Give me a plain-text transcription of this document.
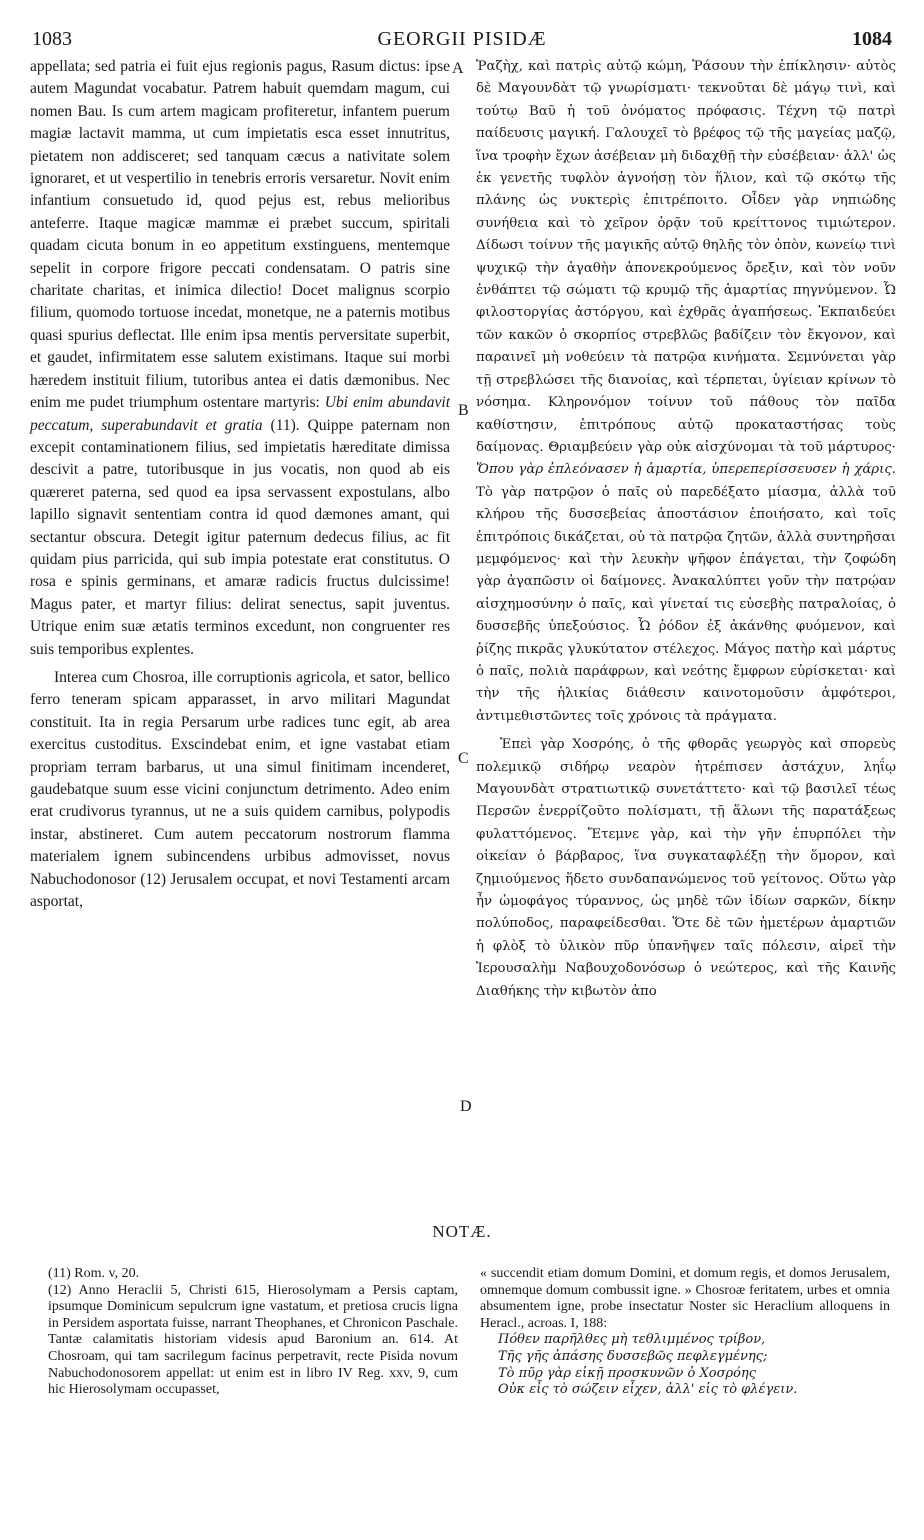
1083	GEORGII PISIDÆ	1084

appellata; sed patria ei fuit ejus regionis pagus, Rasum dictus: ipse autem Magundat vocabatur. Patrem habuit quemdam magum, cui nomen Bau. Is cum artem magicam profiteretur, infantem puerum magiæ lactavit mamma, ut cum impietatis esca esset innutritus, pietatem non addisceret; sed tanquam cæcus a nativitate solem ignoraret, et ut vespertilio in tenebris erroris versaretur. Novit enim infantium consuetudo id, quod pejus est, rebus melioribus anteferre. Itaque magicæ mammæ ei præbet succum, spiritali quadam cicuta bonum in eo appetitum exstinguens, mentemque sepelit in corpore frigore peccati condensatam. O patris sine charitate charitas, et inimica dilectio! Docet malignus scorpio filium, quomodo tortuose incedat, monetque, ne a paternis motibus quasi spurius deflectat. Ille enim ipsa mentis perversitate superbit, et gaudet, infirmitatem esse salutem existimans. Itaque sui morbi hæredem instituit filium, tutoribus antea ei datis dæmonibus. Nec enim me pudet triumphum ostentare martyris: Ubi enim abundavit peccatum, superabundavit et gratia (11). Quippe paternam non excepit contaminationem filius, sed impietatis hæreditate dimissa descivit a patre, tutoribusque in jus vocatis, non quod ab eis quæreret paterna, sed quod ea ipsa servassent expostulans, albo lapillo signavit sententiam contra id quod dæmones amant, qui sectantur obscura. Detegit igitur paternum dedecus filius, ac fit quidam pius parricida, qui sub impia potestate erat constitutus. O rosa e spinis germinans, et amaræ radicis fructus dulcissime! Magus pater, et martyr filius: delirat senectus, sapit juventus. Utrique enim suæ ætatis terminos excedunt, non congruenter res suis temporibus explentes.

Interea cum Chosroa, ille corruptionis agricola, et sator, bellico ferro teneram spicam apparasset, in arvo militari Magundat constituit. Ita in regia Persarum urbe radices tunc egit, ab area exercitus custoditus. Exscindebat enim, et igne vastabat etiam propriam terram barbarus, ut una simul finitimam incenderet, gaudebatque suum esse vicini conjunctum detrimento. Adeo enim erat crudivorus tyrannus, ut ne a suis quidem carnibus, polypodis instar, abstineret. Cum autem peccatorum nostrorum flamma materialem ignem subincendens urbibus admovisset, novus Nabuchodonosor (12) Jerusalem occupat, et novi Testamenti arcam asportat,

Ῥαζὴχ, καὶ πατρὶς αὐτῷ κώμη, Ῥάσουν τὴν ἐπίκλησιν· αὐτὸς δὲ Μαγουνδὰτ τῷ γνωρίσματι· τεκνοῦται δὲ μάγῳ τινὶ, καὶ τούτῳ Βαῦ ἡ τοῦ ὀνόματος πρόφασις. Τέχνη τῷ πατρὶ παίδευσις μαγική. Γαλουχεῖ τὸ βρέφος τῷ τῆς μαγείας μαζῷ, ἵνα τροφὴν ἔχων ἀσέβειαν μὴ διδαχθῇ τὴν εὐσέβειαν· ἀλλ' ὡς ἐκ γενετῆς τυφλὸν ἀγνοήσῃ τὸν ἥλιον, καὶ τῷ σκότῳ τῆς πλάνης ὡς νυκτερὶς ἐπιτρέποιτο. Οἶδεν γὰρ νηπιώδης συνήθεια καὶ τὸ χεῖρον ὁρᾷν τοῦ κρείττονος τιμιώτερον. Δίδωσι τοίνυν τῆς μαγικῆς αὐτῷ θηλῆς τὸν ὀπὸν, κωνείῳ τινὶ ψυχικῷ τὴν ἀγαθὴν ἀπονεκρούμενος ὄρεξιν, καὶ τὸν νοῦν ἐνθάπτει τῷ σώματι τῷ κρυμῷ τῆς ἁμαρτίας πηγνύμενον. Ὦ φιλοστοργίας ἀστόργου, καὶ ἐχθρᾶς ἀγαπήσεως. Ἐκπαιδεύει τῶν κακῶν ὁ σκορπίος στρεβλῶς βαδίζειν τὸν ἔκγονον, καὶ παραινεῖ μὴ νοθεύειν τὰ πατρῷα κινήματα. Σεμνύνεται γὰρ τῇ στρεβλώσει τῆς διανοίας, καὶ τέρπεται, ὑγίειαν κρίνων τὸ νόσημα. Κληρονόμον τοίνυν τοῦ πάθους τὸν παῖδα καθίστησιν, ἐπιτρόπους αὐτῷ προκαταστήσας τοὺς δαίμονας. Θριαμβεύειν γὰρ οὐκ αἰσχύνομαι τὰ τοῦ μάρτυρος· Ὅπου γὰρ ἐπλεόνασεν ἡ ἁμαρτία, ὑπερεπερίσσευσεν ἡ χάρις. Τὸ γὰρ πατρῷον ὁ παῖς οὐ παρεδέξατο μίασμα, ἀλλὰ τοῦ κλήρου τῆς δυσσεβείας ἀποστάσιον ἐποιήσατο, καὶ τοῖς ἐπιτρόποις δικάζεται, οὐ τὰ πατρῷα ζητῶν, ἀλλὰ συντηρῆσαι μεμφόμενος· καὶ τὴν λευκὴν ψῆφον ἐπάγεται, τὴν ζοφώδη γὰρ ἀγαπῶσιν οἱ δαίμονες. Ἀνακαλύπτει γοῦν τὴν πατρῴαν αἰσχημοσύνην ὁ παῖς, καὶ γίνεταί τις εὐσεβὴς πατραλοίας, ὁ δυσσεβῆς ὑπεξούσιος. Ὦ ῥόδον ἐξ ἀκάνθης φυόμενον, καὶ ῥίζης πικρᾶς γλυκύτατον στέλεχος. Μάγος πατὴρ καὶ μάρτυς ὁ παῖς, πολιὰ παράφρων, καὶ νεότης ἔμφρων εὑρίσκεται· καὶ τὴν τῆς ἡλικίας διάθεσιν καινοτομοῦσιν ἀμφότεροι, ἀντιμεθιστῶντες τοῖς χρόνοις τὰ πράγματα.

Ἐπεὶ γὰρ Χοσρόης, ὁ τῆς φθορᾶς γεωργὸς καὶ σπορεὺς πολεμικῷ σιδήρῳ νεαρὸν ἡτρέπισεν ἀστάχυν, ληΐῳ Μαγουνδὰτ στρατιωτικῷ συνετάττετο· καὶ τῷ βασιλεῖ τέως Περσῶν ἐνερρίζοῦτο πολίσματι, τῇ ἅλωνι τῆς παρατάξεως φυλαττόμενος. Ἔτεμνε γὰρ, καὶ τὴν γῆν ἐπυρπόλει τὴν οἰκείαν ὁ βάρβαρος, ἵνα συγκαταφλέξῃ τὴν ὅμορον, καὶ ζημιούμενος ἥδετο συνδαπανώμενος τοῦ γείτονος. Οὕτω γὰρ ἦν ὠμοφάγος τύραννος, ὡς μηδὲ τῶν ἰδίων σαρκῶν, δίκην πολύποδος, παραφείδεσθαι. Ὅτε δὲ τῶν ἡμετέρων ἁμαρτιῶν ἡ φλὸξ τὸ ὑλικὸν πῦρ ὑπανῆψεν ταῖς πόλεσιν, αἱρεῖ τὴν Ἱερουσαλὴμ Ναβουχοδονόσωρ ὁ νεώτερος, καὶ τῆς Καινῆς Διαθήκης τὴν κιβωτὸν ἀπο

A
B
C
D
NOTÆ.

(11) Rom. v, 20.

(12) Anno Heraclii 5, Christi 615, Hierosolymam a Persis captam, ipsumque Dominicum sepulcrum igne vastatum, et pretiosa crucis ligna in Persidem asportata fuisse, narrant Theophanes, et Chronicon Paschale. Tantæ calamitatis historiam videsis apud Baronium an. 614. At Chosroam, qui tam sacrilegum facinus perpetravit, recte Pisida novum Nabuchodonosorem appellat: ut enim est in libro IV Reg. xxv, 9, cum hic Hierosolymam occupasset,

« succendit etiam domum Domini, et domum regis, et domos Jerusalem, omnemque domum combussit igne. » Chosroæ feritatem, urbes et omnia absumentem igne, probe insectatur Noster sic Heraclium alloquens in Heracl., acroas. I, 188:

Πόθεν παρῆλθες μὴ τεθλιμμένος τρίβον,
Τῆς γῆς ἁπάσης δυσσεβῶς πεφλεγμένης;
Τὸ πῦρ γὰρ εἰκῇ προσκυνῶν ὁ Χοσρόης
Οὐκ εἶς τὸ σώζειν εἶχεν, ἀλλ' εἰς τὸ φλέγειν.
